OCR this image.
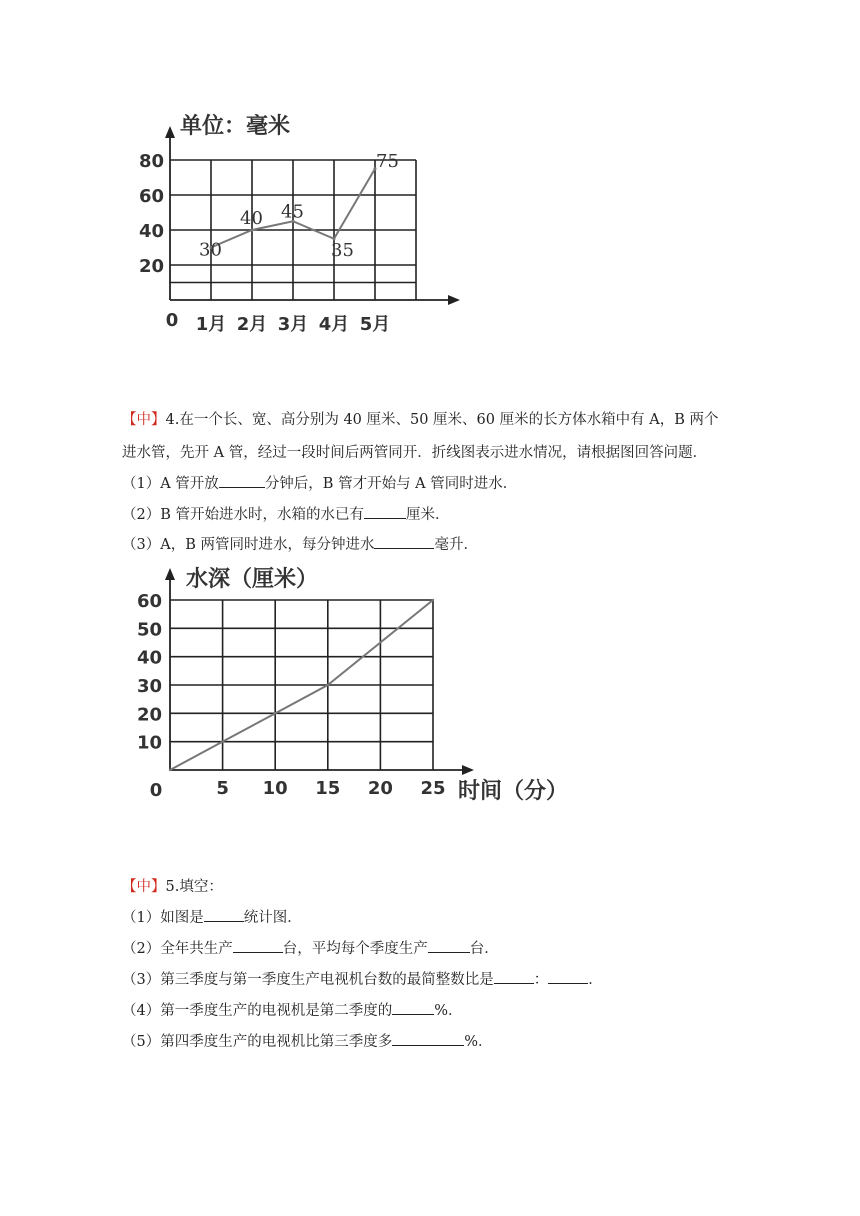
单位：毫米
20
40
60
80
0 1月 2月 3月 4月 5月
30
40 45
35
75
【中】4.在一个长、宽、高分别为 40 厘米、50 厘米、60 厘米的长方体水箱中有 A，B 两个
进水管，先开 A 管，经过一段时间后两管同开．折线图表示进水情况，请根据图回答问题．
（1）A 管开放	分钟后，B 管才开始与 A 管同时进水．
（2）B 管开始进水时，水箱的水已有	厘米．
（3）A，B 两管同时进水，每分钟进水	毫升．
水深（厘米）
10
20
30
40
50
60
0	5 10 15 20 25 时间（分）
【中】5.填空：
（1）如图是	统计图．
（2）全年共生产	台，平均每个季度生产	台．
（3）第三季度与第一季度生产电视机台数的最简整数比是	：	．
（4）第一季度生产的电视机是第二季度的	%．
（5）第四季度生产的电视机比第三季度多	%．
